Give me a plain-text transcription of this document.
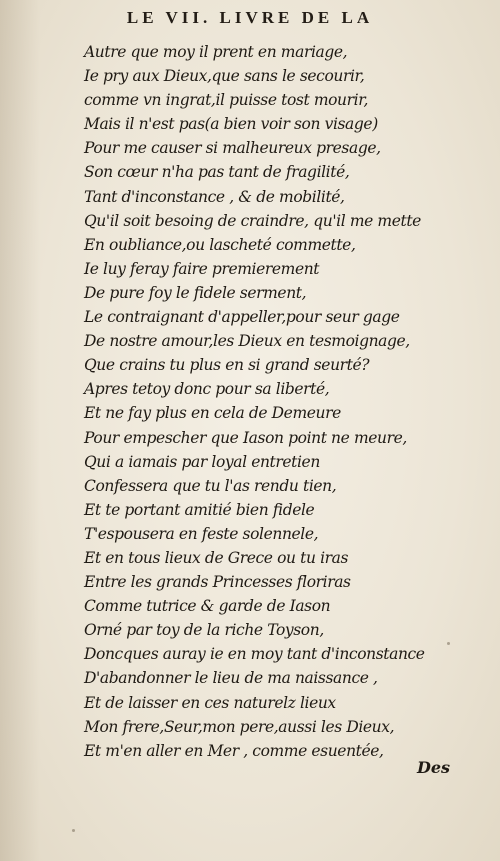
LE VII. LIVRE DE LA
Autre que moy il prent en mariage,
Ie pry aux Dieux,que sans le secourir,
comme vn ingrat,il puisse tost mourir,
Mais il n'est pas(a bien voir son visage)
Pour me causer si malheureux presage,
Son cœur n'ha pas tant de fragilité,
Tant d'inconstance , & de mobilité,
Qu'il soit besoing de craindre, qu'il me mette
En oubliance,ou lascheté commette,
Ie luy feray faire premierement
De pure foy le fidele serment,
Le contraignant d'appeller,pour seur gage
De nostre amour,les Dieux en tesmoignage,
Que crains tu plus en si grand seurté?
Apres tetoy donc pour sa liberté,
Et ne fay plus en cela de Demeure
Pour empescher que Iason point ne meure,
Qui a iamais par loyal entretien
Confessera que tu l'as rendu tien,
Et te portant amitié bien fidele
T'espousera en feste solennele,
Et en tous lieux de Grece ou tu iras
Entre les grands Princesses floriras
Comme tutrice & garde de Iason
Orné par toy de la riche Toyson,
Doncques auray ie en moy tant d'inconstance
D'abandonner le lieu de ma naissance ,
Et de laisser en ces naturelz lieux
Mon frere,Seur,mon pere,aussi les Dieux,
Et m'en aller en Mer , comme esuentée,
Des
